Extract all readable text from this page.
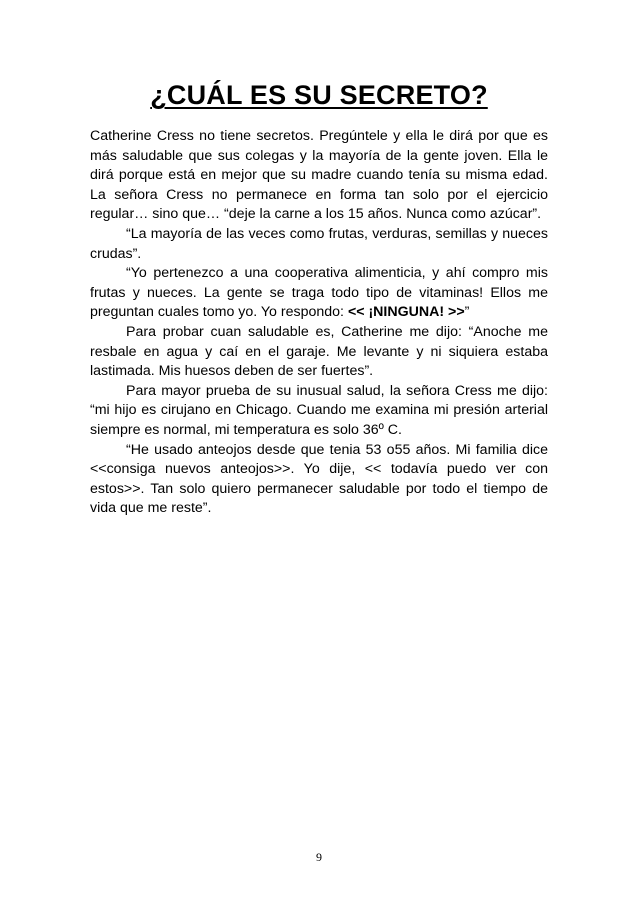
¿CUÁL ES SU SECRETO?

Catherine Cress no tiene secretos. Pregúntele y ella le dirá por que es más saludable que sus colegas y la mayoría de la gente joven. Ella le dirá porque está en mejor que su madre cuando tenía su misma edad. La señora Cress no permanece en forma tan solo por el ejercicio regular… sino que… “deje la carne a los 15 años. Nunca como azúcar”.

“La mayoría de las veces como frutas, verduras, semillas y nueces crudas”.

“Yo pertenezco a una cooperativa alimenticia, y ahí compro mis frutas y nueces. La gente se traga todo tipo de vitaminas! Ellos me preguntan cuales tomo yo. Yo respondo: << ¡NINGUNA! >>”

Para probar cuan saludable es, Catherine me dijo: “Anoche me resbale en agua y caí en el garaje. Me levante y ni siquiera estaba lastimada. Mis huesos deben de ser fuertes”.

Para mayor prueba de su inusual salud, la señora Cress me dijo: “mi hijo es cirujano en Chicago. Cuando me examina mi presión arterial siempre es normal, mi temperatura es solo 36º C.

“He usado anteojos desde que tenia 53 o55 años. Mi familia dice <<consiga nuevos anteojos>>. Yo dije, << todavía puedo ver con estos>>. Tan solo quiero permanecer saludable por todo el tiempo de vida que me reste”.

9
